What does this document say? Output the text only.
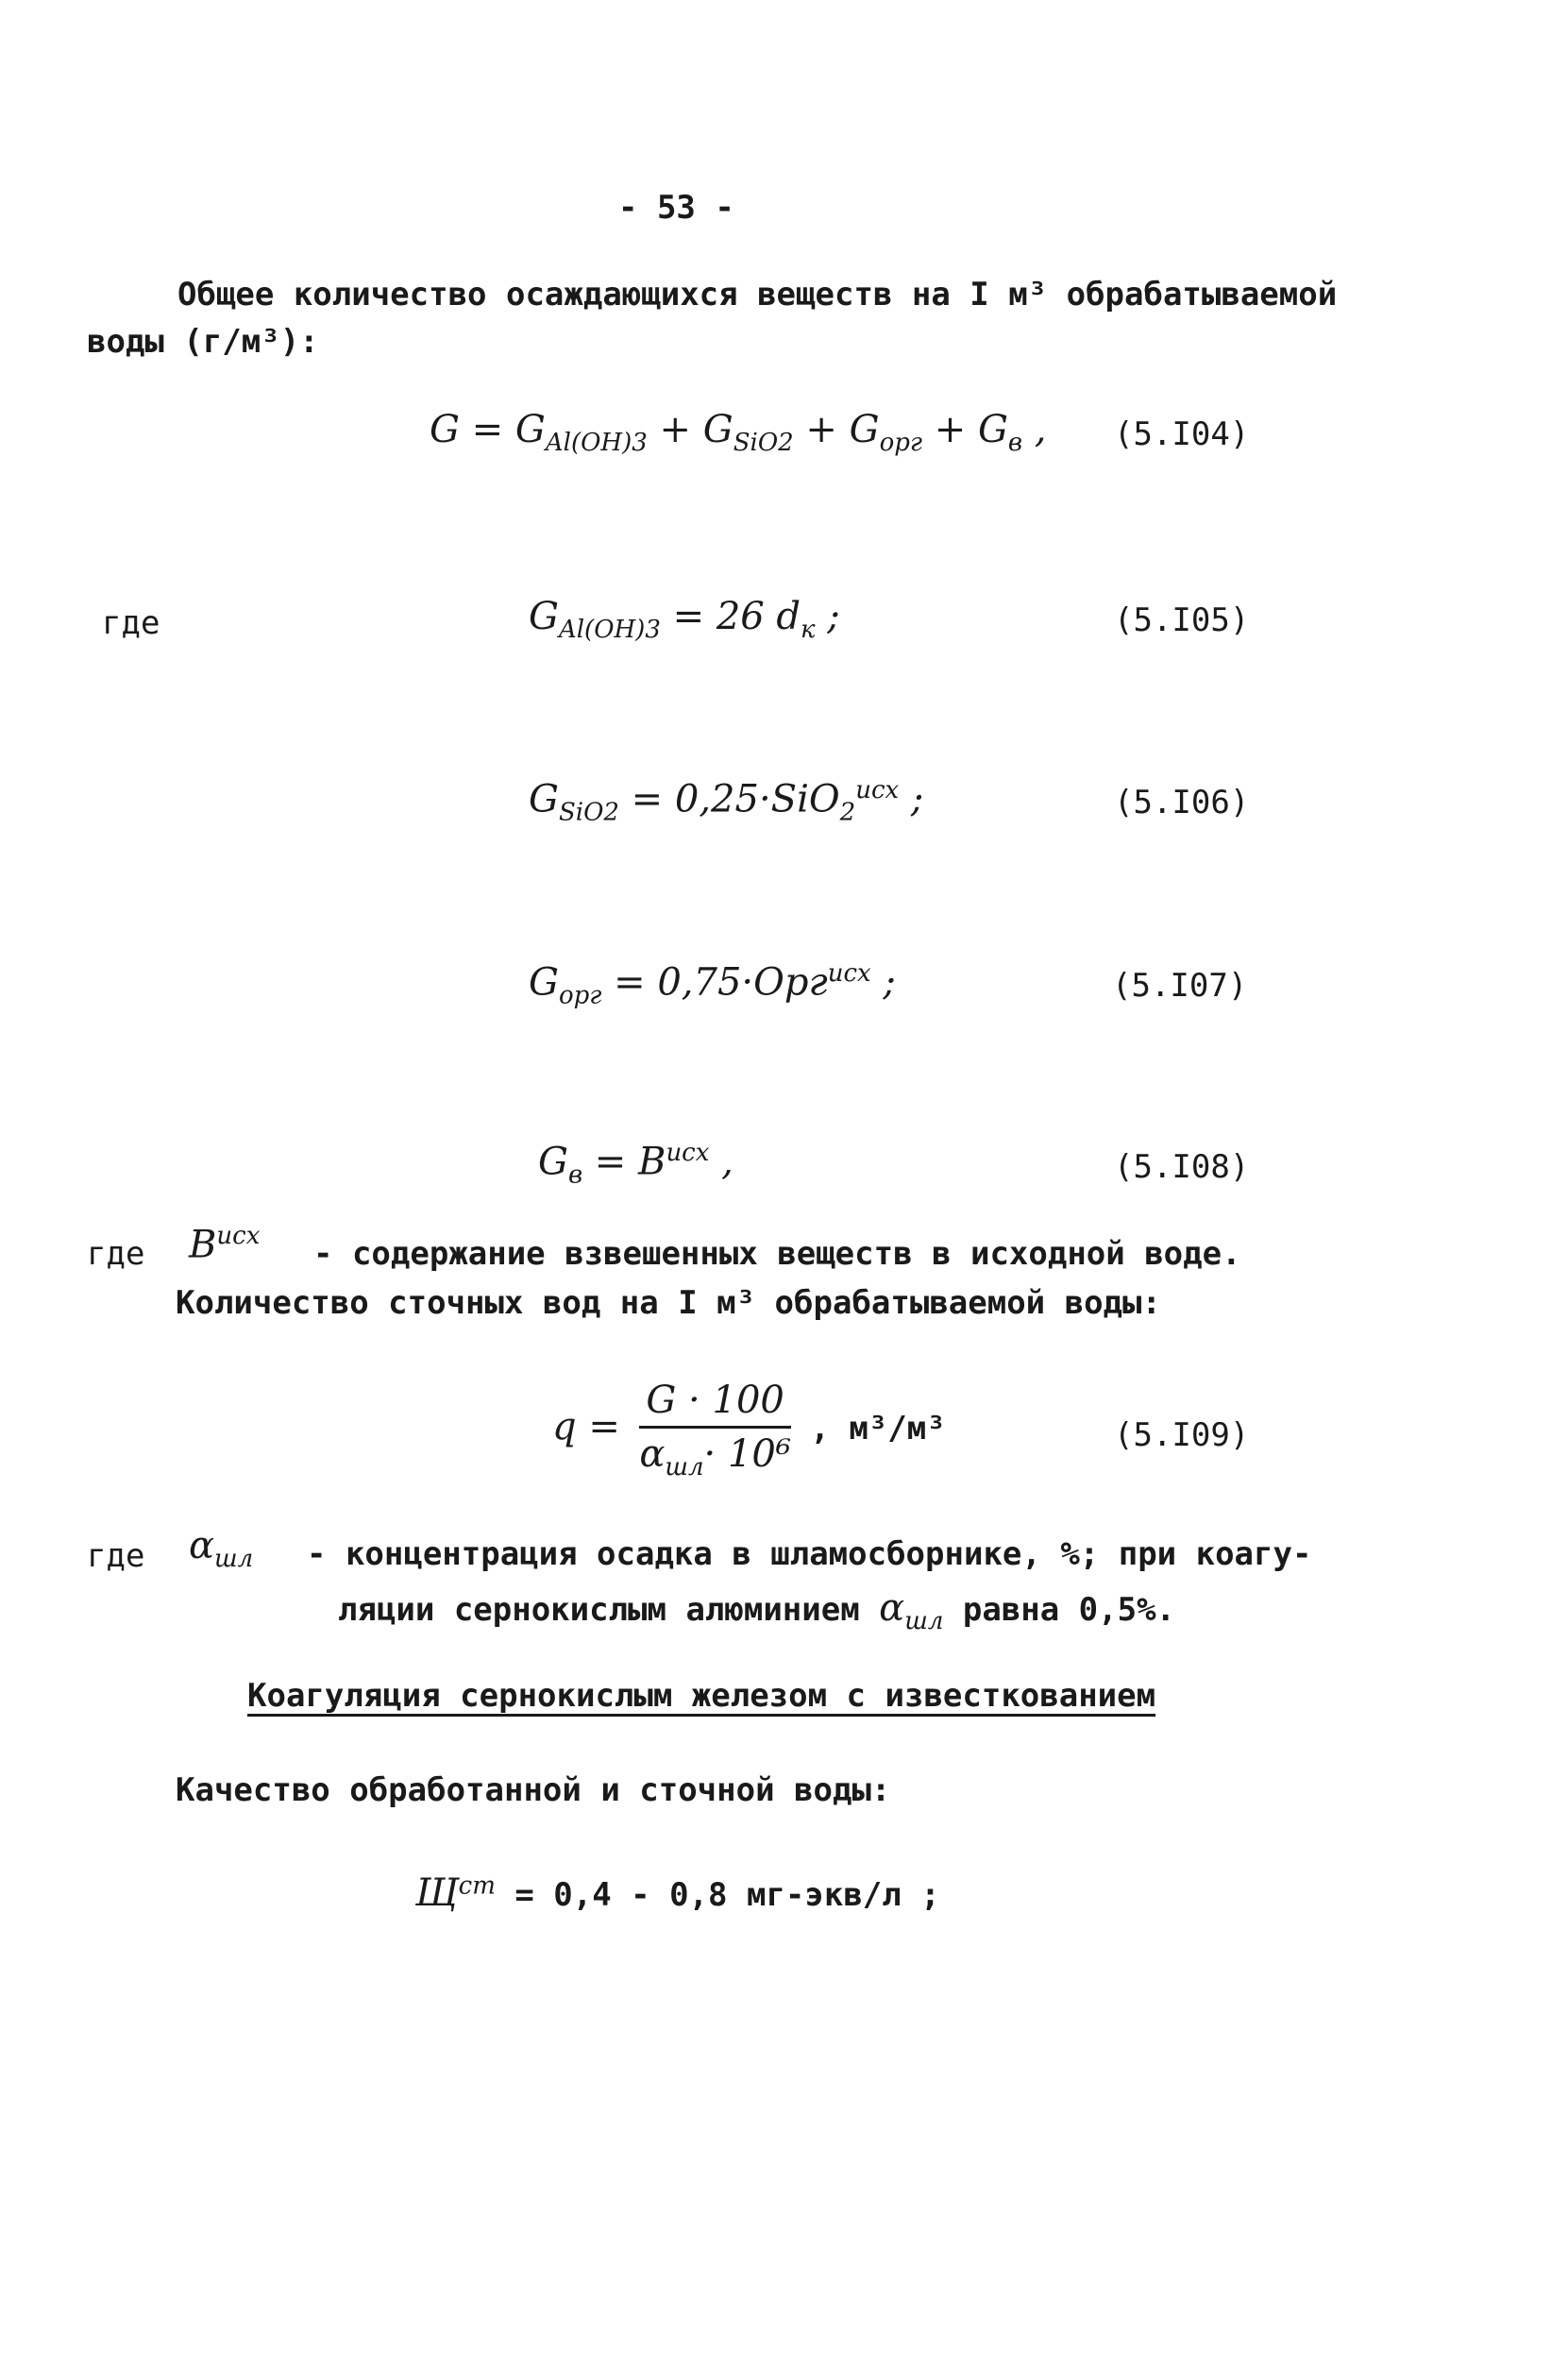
- 53 -
Общее количество осаждающихся веществ на I м³ обрабатываемой
воды (г/м³):
$G = G_{Al(OH)3} + G_{SiO2} + G_{орг} + G_в$ , (5.I04)
где	$G_{Al(OH)3} = 26$ $d_к$ ;	(5.I05)
$G_{SiO2} = 0,25\cdot SiO_2^{исх}$ ;	(5.I06)
$G_{орг} = 0,75\cdot Орг^{исх}$ ;	(5.I07)
$G_в = В^{исх}$ ,	(5.I08)
где $В^{исх}$ - содержание взвешенных веществ в исходной воде.
Количество сточных вод на I м³ обрабатываемой воды:
$q = \frac{G \cdot 100}{\alpha_{шл}\cdot 10^6}$ , м³/м³	(5.I09)
где $\alpha_{шл}$ - концентрация осадка в шламосборнике, %; при коагу-
ляции сернокислым алюминием $\alpha_{шл}$ равна 0,5%.
Коагуляция сернокислым железом с известкованием
Качество обработанной и сточной воды:
$Щ^{ст} = 0,4 - 0,8$ мг-экв/л ;
